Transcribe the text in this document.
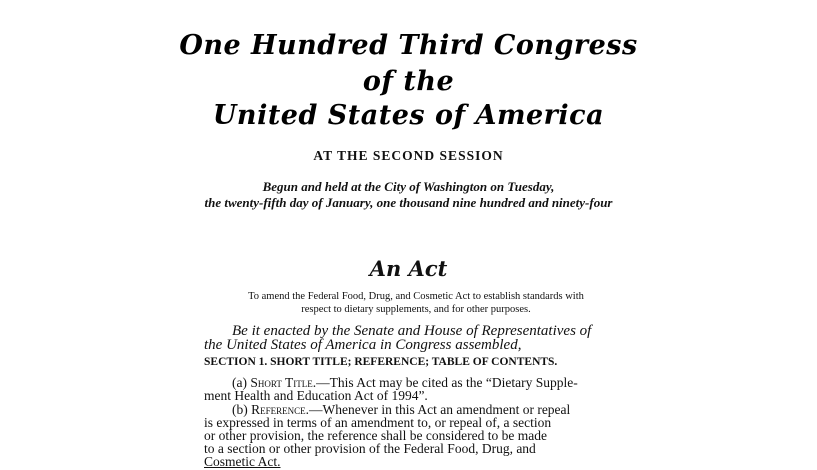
One Hundred Third Congress
of the
United States of America
AT THE SECOND SESSION
Begun and held at the City of Washington on Tuesday,
the twenty-fifth day of January, one thousand nine hundred and ninety-four
An Act
To amend the Federal Food, Drug, and Cosmetic Act to establish standards with
respect to dietary supplements, and for other purposes.
Be it enacted by the Senate and House of Representatives of
the United States of America in Congress assembled,
SECTION 1. SHORT TITLE; REFERENCE; TABLE OF CONTENTS.
(a) Short Title.—This Act may be cited as the “Dietary Supple-
ment Health and Education Act of 1994”.
(b) Reference.—Whenever in this Act an amendment or repeal
is expressed in terms of an amendment to, or repeal of, a section
or other provision, the reference shall be considered to be made
to a section or other provision of the Federal Food, Drug, and
Cosmetic Act.
